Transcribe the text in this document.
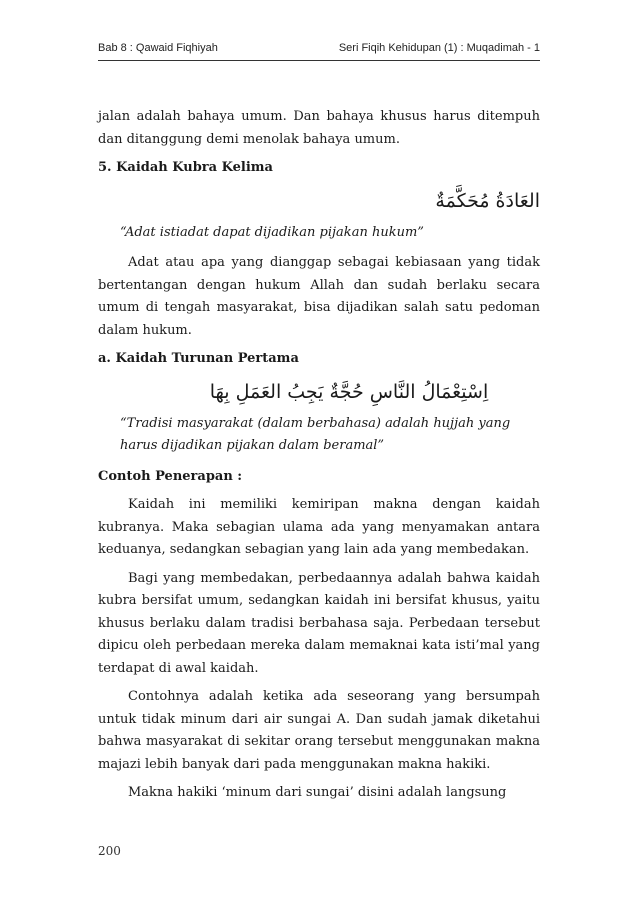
Bab 8 : Qawaid Fiqhiyah	Seri Fiqih Kehidupan (1) : Muqadimah - 1

jalan adalah bahaya umum. Dan bahaya khusus harus ditempuh dan ditanggung demi menolak bahaya umum.

5. Kaidah Kubra Kelima

العَادَةُ مُحَكَّمَةٌ

“Adat istiadat dapat dijadikan pijakan hukum”

Adat atau apa yang dianggap sebagai kebiasaan yang tidak bertentangan dengan hukum Allah dan sudah berlaku secara umum di tengah masyarakat, bisa dijadikan salah satu pedoman dalam hukum.

a. Kaidah Turunan Pertama

اِسْتِعْمَالُ النَّاسِ حُجَّةٌ يَجِبُ العَمَلِ بِهَا

“Tradisi masyarakat (dalam berbahasa) adalah hujjah yang harus dijadikan pijakan dalam beramal”

Contoh Penerapan :

Kaidah ini memiliki kemiripan makna dengan kaidah kubranya. Maka sebagian ulama ada yang menyamakan antara keduanya, sedangkan sebagian yang lain ada yang membedakan.

Bagi yang membedakan, perbedaannya adalah bahwa kaidah kubra bersifat umum, sedangkan kaidah ini bersifat khusus, yaitu khusus berlaku dalam tradisi berbahasa saja. Perbedaan tersebut dipicu oleh perbedaan mereka dalam memaknai kata isti’mal yang terdapat di awal kaidah.

Contohnya adalah ketika ada seseorang yang bersumpah untuk tidak minum dari air sungai A. Dan sudah jamak diketahui bahwa masyarakat di sekitar orang tersebut menggunakan makna majazi lebih banyak dari pada menggunakan makna hakiki.

Makna hakiki ‘minum dari sungai’ disini adalah langsung

200
